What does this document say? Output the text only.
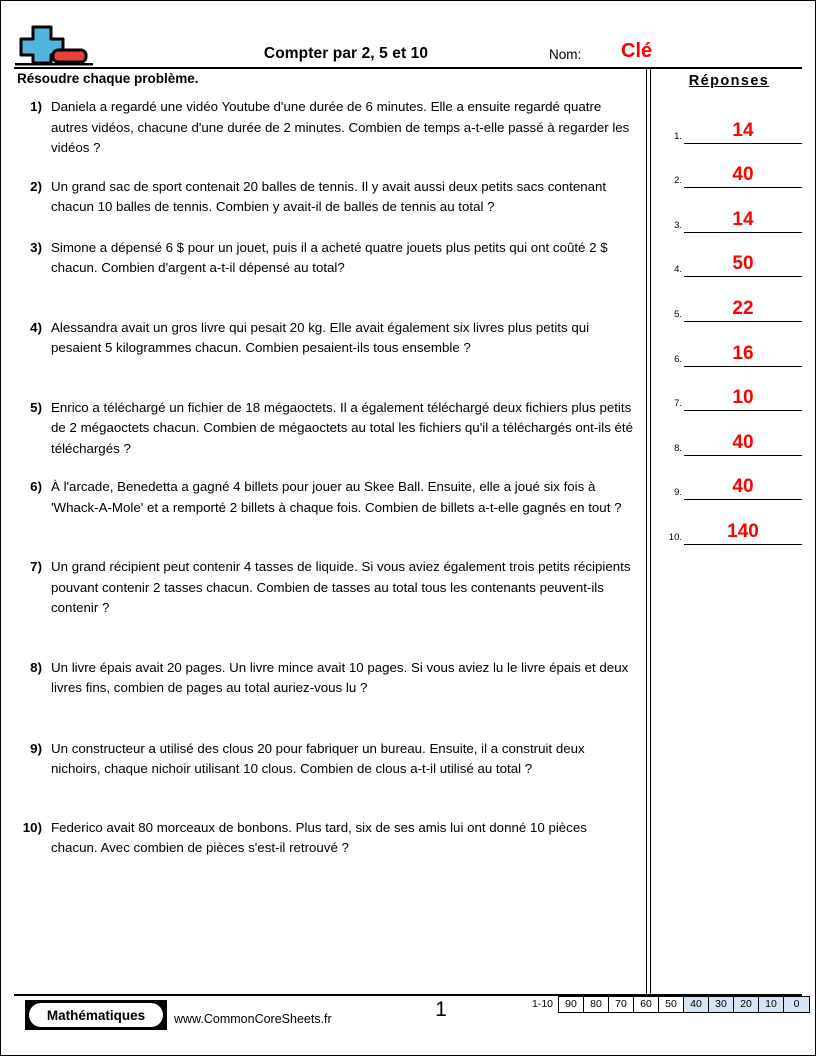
Compter par 2, 5 et 10	Nom: Clé
Résoudre chaque problème.
1) Daniela a regardé une vidéo Youtube d'une durée de 6 minutes. Elle a ensuite regardé quatre autres vidéos, chacune d'une durée de 2 minutes. Combien de temps a-t-elle passé à regarder les vidéos ?
2) Un grand sac de sport contenait 20 balles de tennis. Il y avait aussi deux petits sacs contenant chacun 10 balles de tennis. Combien y avait-il de balles de tennis au total ?
3) Simone a dépensé 6 $ pour un jouet, puis il a acheté quatre jouets plus petits qui ont coûté 2 $ chacun. Combien d'argent a-t-il dépensé au total?
4) Alessandra avait un gros livre qui pesait 20 kg. Elle avait également six livres plus petits qui pesaient 5 kilogrammes chacun. Combien pesaient-ils tous ensemble ?
5) Enrico a téléchargé un fichier de 18 mégaoctets. Il a également téléchargé deux fichiers plus petits de 2 mégaoctets chacun. Combien de mégaoctets au total les fichiers qu'il a téléchargés ont-ils été téléchargés ?
6) À l'arcade, Benedetta a gagné 4 billets pour jouer au Skee Ball. Ensuite, elle a joué six fois à 'Whack-A-Mole' et a remporté 2 billets à chaque fois. Combien de billets a-t-elle gagnés en tout ?
7) Un grand récipient peut contenir 4 tasses de liquide. Si vous aviez également trois petits récipients pouvant contenir 2 tasses chacun. Combien de tasses au total tous les contenants peuvent-ils contenir ?
8) Un livre épais avait 20 pages. Un livre mince avait 10 pages. Si vous aviez lu le livre épais et deux livres fins, combien de pages au total auriez-vous lu ?
9) Un constructeur a utilisé des clous 20 pour fabriquer un bureau. Ensuite, il a construit deux nichoirs, chaque nichoir utilisant 10 clous. Combien de clous a-t-il utilisé au total ?
10) Federico avait 80 morceaux de bonbons. Plus tard, six de ses amis lui ont donné 10 pièces chacun. Avec combien de pièces s'est-il retrouvé ?
Réponses
1.	14
2.	40
3.	14
4.	50
5.	22
6.	16
7.	10
8.	40
9.	40
10.	140
Mathématiques www.CommonCoreSheets.fr	1	1-10	90	80	70	60	50	40	30	20	10	0
